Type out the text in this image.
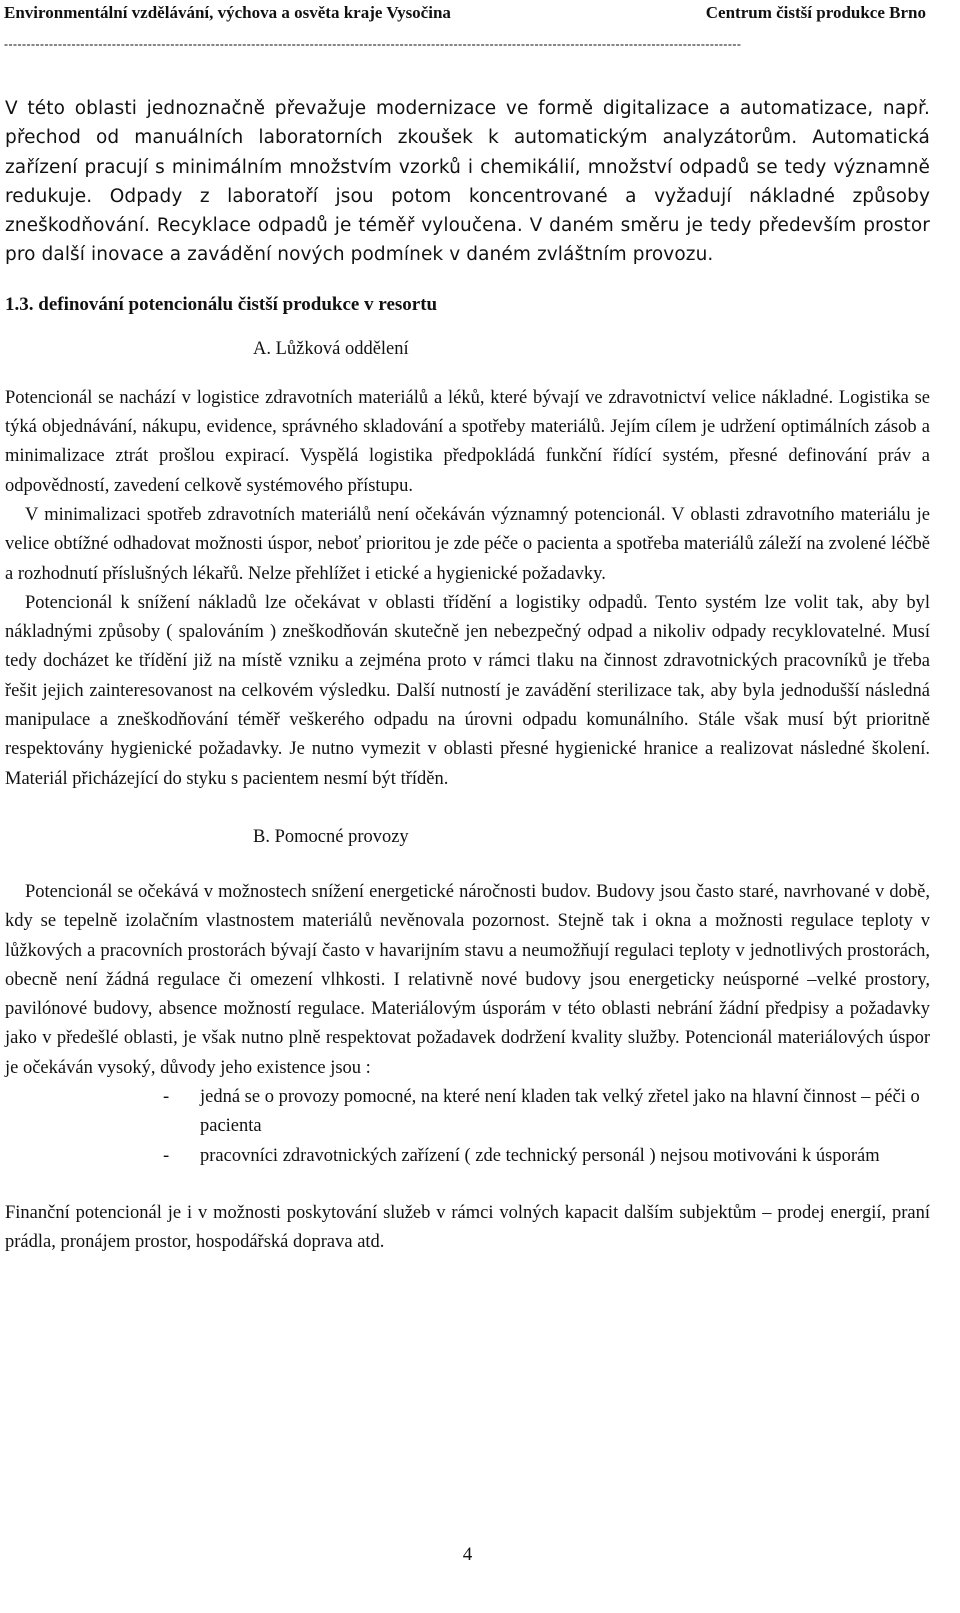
Environmentální vzdělávání, výchova a osvěta kraje Vysočina	Centrum čistší produkce Brno
--------------------------------------------------------------------------------------------------------------------------------------------------------------------

V této oblasti jednoznačně převažuje modernizace ve formě digitalizace a automatizace, např. přechod od manuálních laboratorních zkoušek k automatickým analyzátorům. Automatická zařízení pracují s minimálním množstvím vzorků i chemikálií, množství odpadů se tedy významně redukuje. Odpady z laboratoří jsou potom koncentrované a vyžadují nákladné způsoby zneškodňování. Recyklace odpadů je téměř vyloučena. V daném směru je tedy především prostor pro další inovace a zavádění nových podmínek v daném zvláštním provozu.

1.3. definování potencionálu čistší produkce v resortu
A. Lůžková oddělení

Potencionál se nachází v logistice zdravotních materiálů a léků, které bývají ve zdravotnictví velice nákladné. Logistika se týká objednávání, nákupu, evidence, správného skladování a spotřeby materiálů. Jejím cílem je udržení optimálních zásob a minimalizace ztrát prošlou expirací. Vyspělá logistika předpokládá funkční řídící systém, přesné definování práv a odpovědností, zavedení celkově systémového přístupu.

V minimalizaci spotřeb zdravotních materiálů není očekáván významný potencionál. V oblasti zdravotního materiálu je velice obtížné odhadovat možnosti úspor, neboť prioritou je zde péče o pacienta a spotřeba materiálů záleží na zvolené léčbě a rozhodnutí příslušných lékařů. Nelze přehlížet i etické a hygienické požadavky.

Potencionál k snížení nákladů lze očekávat v oblasti třídění a logistiky odpadů. Tento systém lze volit tak, aby byl nákladnými způsoby ( spalováním ) zneškodňován skutečně jen nebezpečný odpad a nikoliv odpady recyklovatelné. Musí tedy docházet ke třídění již na místě vzniku a zejména proto v rámci tlaku na činnost zdravotnických pracovníků je třeba řešit jejich zainteresovanost na celkovém výsledku. Další nutností je zavádění sterilizace tak, aby byla jednodušší následná manipulace a zneškodňování téměř veškerého odpadu na úrovni odpadu komunálního. Stále však musí být prioritně respektovány hygienické požadavky. Je nutno vymezit v oblasti přesné hygienické hranice a realizovat následné školení. Materiál přicházející do styku s pacientem nesmí být tříděn.

B. Pomocné provozy

Potencionál se očekává v možnostech snížení energetické náročnosti budov. Budovy jsou často staré, navrhované v době, kdy se tepelně izolačním vlastnostem materiálů nevěnovala pozornost. Stejně tak i okna a možnosti regulace teploty v lůžkových a pracovních prostorách bývají často v havarijním stavu a neumožňují regulaci teploty v jednotlivých prostorách, obecně není žádná regulace či omezení vlhkosti. I relativně nové budovy jsou energeticky neúsporné –velké prostory, pavilónové budovy, absence možností regulace. Materiálovým úsporám v této oblasti nebrání žádní předpisy a požadavky jako v předešlé oblasti, je však nutno plně respektovat požadavek dodržení kvality služby. Potencionál materiálových úspor je očekáván vysoký, důvody jeho existence jsou :

- jedná se o provozy pomocné, na které není kladen tak velký zřetel jako na hlavní činnost – péči o pacienta
- pracovníci zdravotnických zařízení ( zde technický personál ) nejsou motivováni k úsporám

Finanční potencionál je i v možnosti poskytování služeb v rámci volných kapacit dalším subjektům – prodej energií, praní prádla, pronájem prostor, hospodářská doprava atd.

4
